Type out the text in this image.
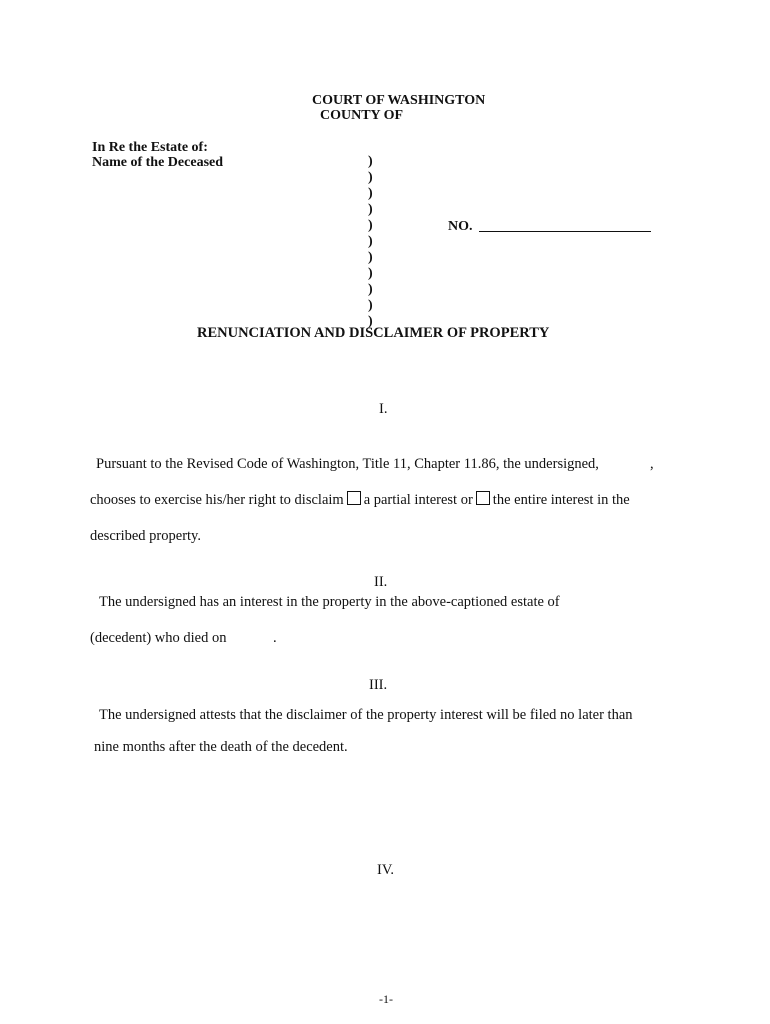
COURT OF WASHINGTON
COUNTY OF
In Re the Estate of:
Name of the Deceased	)
)
)
)
)
)
)
)
)
)
)
NO.
RENUNCIATION AND DISCLAIMER OF PROPERTY
I.
Pursuant to the Revised Code of Washington, Title 11, Chapter 11.86, the undersigned,	,
chooses to exercise his/her right to disclaim a partial interest or the entire interest in the
described property.
II.
The undersigned has an interest in the property in the above-captioned estate of
(decedent) who died on	.
III.
The undersigned attests that the disclaimer of the property interest will be filed no later than
nine months after the death of the decedent.
IV.
-1-
